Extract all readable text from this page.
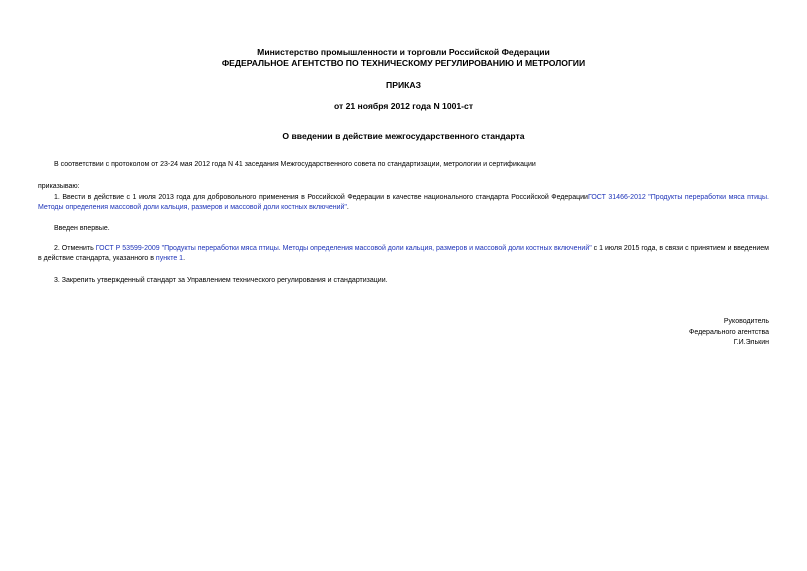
Министерство промышленности и торговли Российской Федерации
ФЕДЕРАЛЬНОЕ АГЕНТСТВО ПО ТЕХНИЧЕСКОМУ РЕГУЛИРОВАНИЮ И МЕТРОЛОГИИ
ПРИКАЗ
от 21 ноября 2012 года N 1001-ст
О введении в действие межгосударственного стандарта
В соответствии с протоколом от 23-24 мая 2012 года N 41 заседания Межгосударственного совета по стандартизации, метрологии и сертификации
приказываю:
1. Ввести в действие с 1 июля 2013 года для добровольного применения в Российской Федерации в качестве национального стандарта Российской ФедерацииГОСТ 31466-2012 "Продукты переработки мяса птицы. Методы определения массовой доли кальция, размеров и массовой доли костных включений".
Введен впервые.
2. Отменить ГОСТ Р 53599-2009 "Продукты переработки мяса птицы. Методы определения массовой доли кальция, размеров и массовой доли костных включений" с 1 июля 2015 года, в связи с принятием и введением в действие стандарта, указанного в пункте 1.
3. Закрепить утвержденный стандарт за Управлением технического регулирования и стандартизации.
Руководитель
Федерального агентства
Г.И.Элькин
